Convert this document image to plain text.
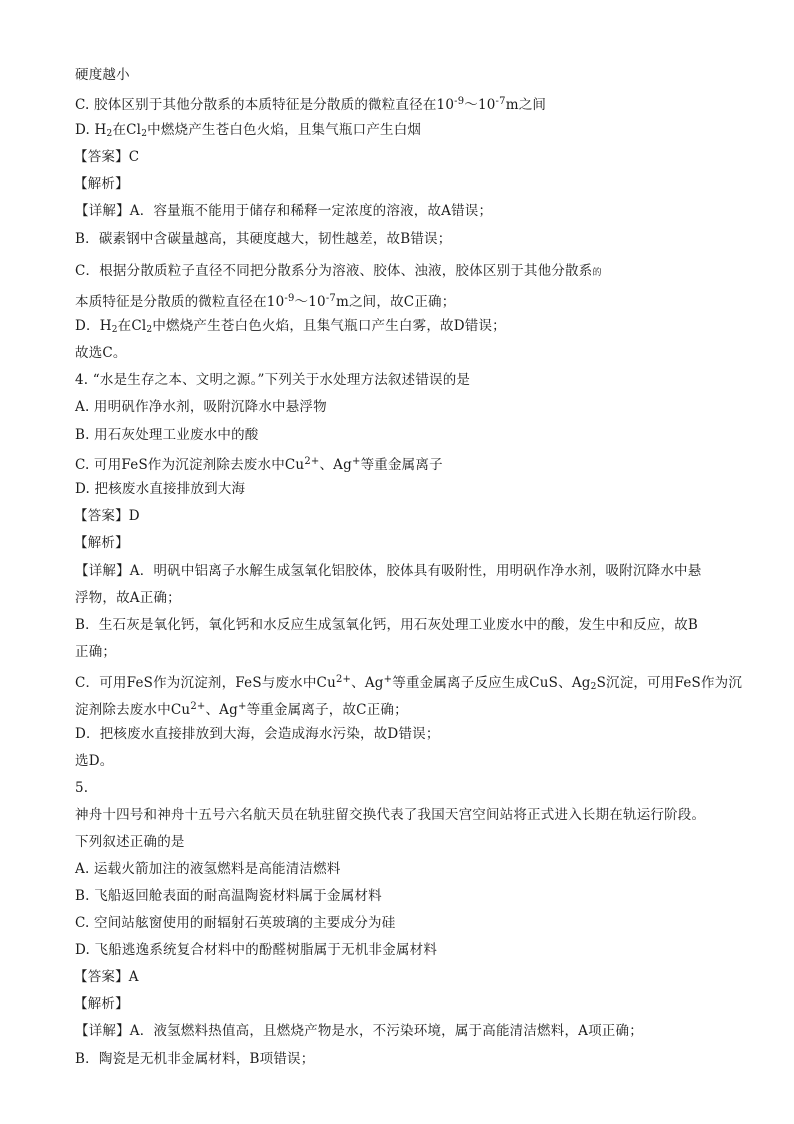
硬度越小
C. 胶体区别于其他分散系的本质特征是分散质的微粒直径在$10^{-9}\sim 10^{-7}m$之间
D. $H_2$在$Cl_2$中燃烧产生苍白色火焰，且集气瓶口产生白烟
【答案】C
【解析】
【详解】A．容量瓶不能用于储存和稀释一定浓度的溶液，故A错误；
B．碳素钢中含碳量越高，其硬度越大，韧性越差，故B错误；
C．根据分散质粒子直径不同把分散系分为溶液、胶体、浊液，胶体区别于其他分散系的
本质特征是分散质的微粒直径在$10^{-9}\sim 10^{-7}m$之间，故C正确；
D．$H_2$在$Cl_2$中燃烧产生苍白色火焰，且集气瓶口产生白雾，故D错误；
故选C。
4. “水是生存之本、文明之源。”下列关于水处理方法叙述错误的是
A. 用明矾作净水剂，吸附沉降水中悬浮物
B. 用石灰处理工业废水中的酸
C. 可用FeS作为沉淀剂除去废水中$Cu^{2+}$、Ag+等重金属离子
D. 把核废水直接排放到大海
【答案】D
【解析】
【详解】A．明矾中铝离子水解生成氢氧化铝胶体，胶体具有吸附性，用明矾作净水剂，吸附沉降水中悬
浮物，故A正确；
B．生石灰是氧化钙，氧化钙和水反应生成氢氧化钙，用石灰处理工业废水中的酸，发生中和反应，故B
正确；
C．可用FeS作为沉淀剂，FeS与废水中$Cu^{2+}$、Ag+等重金属离子反应生成CuS、$Ag_2S$沉淀，可用FeS作为沉
淀剂除去废水中$Cu^{2+}$、Ag+等重金属离子，故C正确；
D．把核废水直接排放到大海，会造成海水污染，故D错误；
选D。
5.
神舟十四号和神舟十五号六名航天员在轨驻留交换代表了我国天宫空间站将正式进入长期在轨运行阶段。
下列叙述正确的是
A. 运载火箭加注的液氢燃料是高能清洁燃料
B. 飞船返回舱表面的耐高温陶瓷材料属于金属材料
C. 空间站舷窗使用的耐辐射石英玻璃的主要成分为硅
D. 飞船逃逸系统复合材料中的酚醛树脂属于无机非金属材料
【答案】A
【解析】
【详解】A．液氢燃料热值高，且燃烧产物是水，不污染环境，属于高能清洁燃料，A项正确；
B．陶瓷是无机非金属材料，B项错误；
